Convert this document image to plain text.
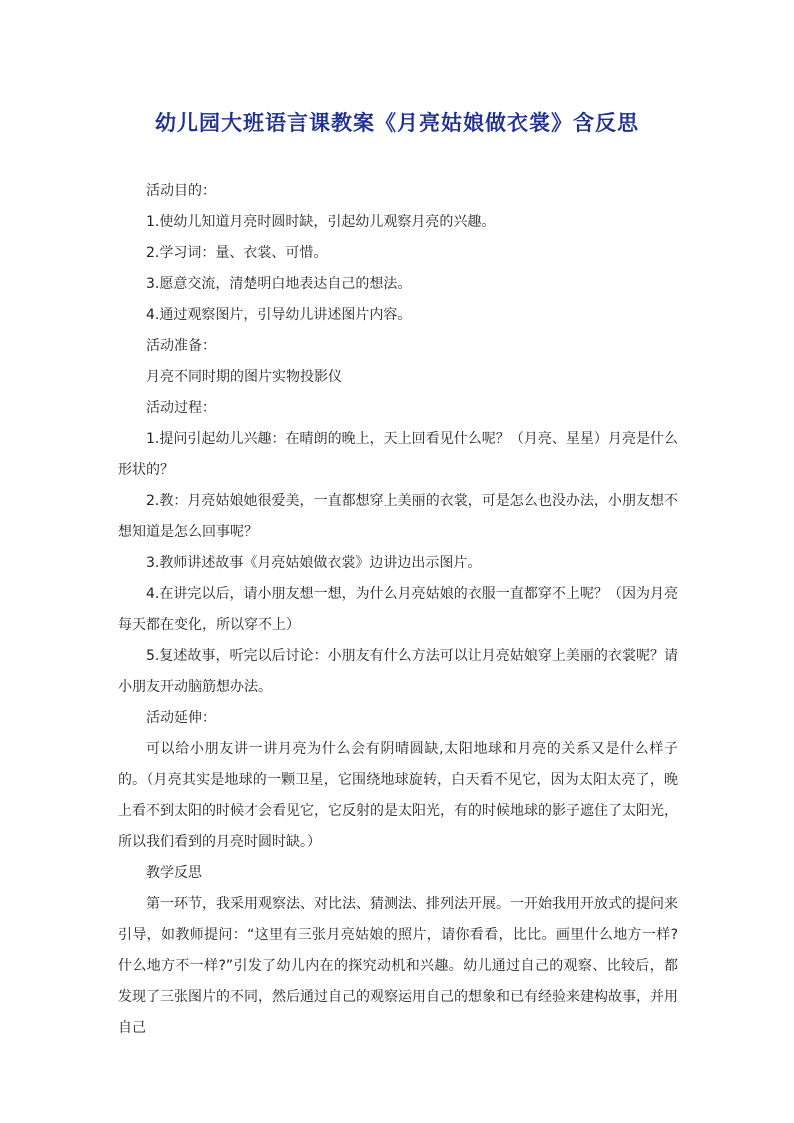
幼儿园大班语言课教案《月亮姑娘做衣裳》含反思

活动目的：

1.使幼儿知道月亮时圆时缺，引起幼儿观察月亮的兴趣。

2.学习词：量、衣裳、可惜。

3.愿意交流，清楚明白地表达自己的想法。

4.通过观察图片，引导幼儿讲述图片内容。

活动准备：

月亮不同时期的图片实物投影仪

活动过程：

1.提问引起幼儿兴趣：在晴朗的晚上，天上回看见什么呢？（月亮、星星）月亮是什么形状的？

2.教：月亮姑娘她很爱美，一直都想穿上美丽的衣裳，可是怎么也没办法，小朋友想不想知道是怎么回事呢？

3.教师讲述故事《月亮姑娘做衣裳》边讲边出示图片。

4.在讲完以后，请小朋友想一想，为什么月亮姑娘的衣服一直都穿不上呢？（因为月亮每天都在变化，所以穿不上）

5.复述故事，听完以后讨论：小朋友有什么方法可以让月亮姑娘穿上美丽的衣裳呢？请小朋友开动脑筋想办法。

活动延伸：

可以给小朋友讲一讲月亮为什么会有阴晴圆缺,太阳地球和月亮的关系又是什么样子的。（月亮其实是地球的一颗卫星，它围绕地球旋转，白天看不见它，因为太阳太亮了，晚上看不到太阳的时候才会看见它，它反射的是太阳光，有的时候地球的影子遮住了太阳光，所以我们看到的月亮时圆时缺。）

教学反思

第一环节，我采用观察法、对比法、猜测法、排列法开展。一开始我用开放式的提问来引导，如教师提问：“这里有三张月亮姑娘的照片，请你看看，比比。画里什么地方一样?什么地方不一样?”引发了幼儿内在的探究动机和兴趣。幼儿通过自己的观察、比较后，都发现了三张图片的不同，然后通过自己的观察运用自己的想象和已有经验来建构故事，并用自己
